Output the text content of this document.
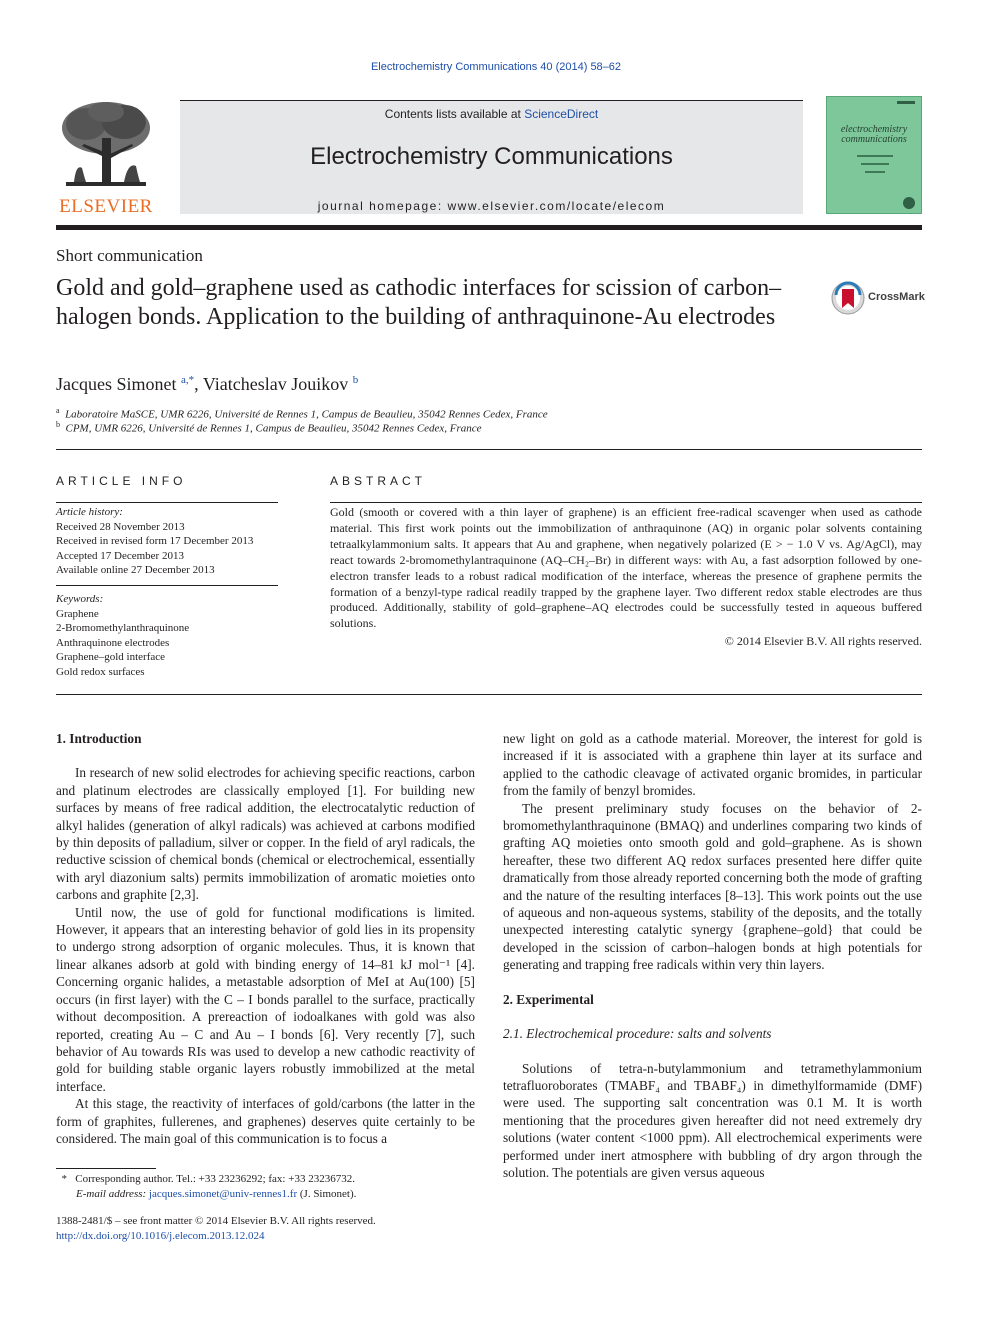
Electrochemistry Communications 40 (2014) 58–62
ELSEVIER
Contents lists available at ScienceDirect
Electrochemistry Communications
journal homepage: www.elsevier.com/locate/elecom
electrochemistry
communications
Short communication
Gold and gold–graphene used as cathodic interfaces for scission of carbon–halogen bonds. Application to the building of anthraquinone-Au electrodes
CrossMark
Jacques Simonet $^{a,*}$, Viatcheslav Jouikov $^b$
$^a$ Laboratoire MaSCE, UMR 6226, Université de Rennes 1, Campus de Beaulieu, 35042 Rennes Cedex, France
$^b$ CPM, UMR 6226, Université de Rennes 1, Campus de Beaulieu, 35042 Rennes Cedex, France
ARTICLE INFO	ABSTRACT
Article history:
Received 28 November 2013
Received in revised form 17 December 2013
Accepted 17 December 2013
Available online 27 December 2013
Keywords:
Graphene
2-Bromomethylanthraquinone
Anthraquinone electrodes
Graphene–gold interface
Gold redox surfaces
Gold (smooth or covered with a thin layer of graphene) is an efficient free-radical scavenger when used as cathode material. This first work points out the immobilization of anthraquinone (AQ) in organic polar solvents containing tetraalkylammonium salts. It appears that Au and graphene, when negatively polarized (E > − 1.0 V vs. Ag/AgCl), may react towards 2-bromomethylantraquinone (AQ–CH₂–Br) in different ways: with Au, a fast adsorption followed by one-electron transfer leads to a robust radical modification of the interface, whereas the presence of graphene permits the formation of a benzyl-type radical readily trapped by the graphene layer. Two different redox stable electrodes are thus produced. Additionally, stability of gold–graphene–AQ electrodes could be successfully tested in aqueous buffered solutions.
© 2014 Elsevier B.V. All rights reserved.
1. Introduction

In research of new solid electrodes for achieving specific reactions, carbon and platinum electrodes are classically employed [1]. For building new surfaces by means of free radical addition, the electrocatalytic reduction of alkyl halides (generation of alkyl radicals) was achieved at carbons modified by thin deposits of palladium, silver or copper. In the field of aryl radicals, the reductive scission of chemical bonds (chemical or electrochemical, essentially with aryl diazonium salts) permits immobilization of aromatic moieties onto carbons and graphite [2,3].

Until now, the use of gold for functional modifications is limited. However, it appears that an interesting behavior of gold lies in its propensity to undergo strong adsorption of organic molecules. Thus, it is known that linear alkanes adsorb at gold with binding energy of 14–81 kJ mol⁻¹ [4]. Concerning organic halides, a metastable adsorption of MeI at Au(100) [5] occurs (in first layer) with the C – I bonds parallel to the surface, practically without decomposition. A prereaction of iodoalkanes with gold was also reported, creating Au – C and Au – I bonds [6]. Very recently [7], such behavior of Au towards RIs was used to develop a new cathodic reactivity of gold for building stable organic layers robustly immobilized at the metal interface.

At this stage, the reactivity of interfaces of gold/carbons (the latter in the form of graphites, fullerenes, and graphenes) deserves quite certainly to be considered. The main goal of this communication is to focus a

new light on gold as a cathode material. Moreover, the interest for gold is increased if it is associated with a graphene thin layer at its surface and applied to the cathodic cleavage of activated organic bromides, in particular from the family of benzyl bromides.

The present preliminary study focuses on the behavior of 2-bromomethylanthraquinone (BMAQ) and underlines comparing two kinds of grafting AQ moieties onto smooth gold and gold–graphene. As is shown hereafter, these two different AQ redox surfaces presented here differ quite dramatically from those already reported concerning both the mode of grafting and the nature of the resulting interfaces [8–13]. This work points out the use of aqueous and non-aqueous systems, stability of the deposits, and the totally unexpected interesting catalytic synergy {graphene–gold} that could be developed in the scission of carbon–halogen bonds at high potentials for generating and trapping free radicals within very thin layers.

2. Experimental
2.1. Electrochemical procedure: salts and solvents

Solutions of tetra-n-butylammonium and tetramethylammonium tetrafluoroborates (TMABF₄ and TBABF₄) in dimethylformamide (DMF) were used. The supporting salt concentration was 0.1 M. It is worth mentioning that the procedures given hereafter did not need extremely dry solutions (water content <1000 ppm). All electrochemical experiments were performed under inert atmosphere with bubbling of dry argon through the solution. The potentials are given versus aqueous

* Corresponding author. Tel.: +33 23236292; fax: +33 23236732.
E-mail address: jacques.simonet@univ-rennes1.fr (J. Simonet).
1388-2481/$ – see front matter © 2014 Elsevier B.V. All rights reserved.
http://dx.doi.org/10.1016/j.elecom.2013.12.024
